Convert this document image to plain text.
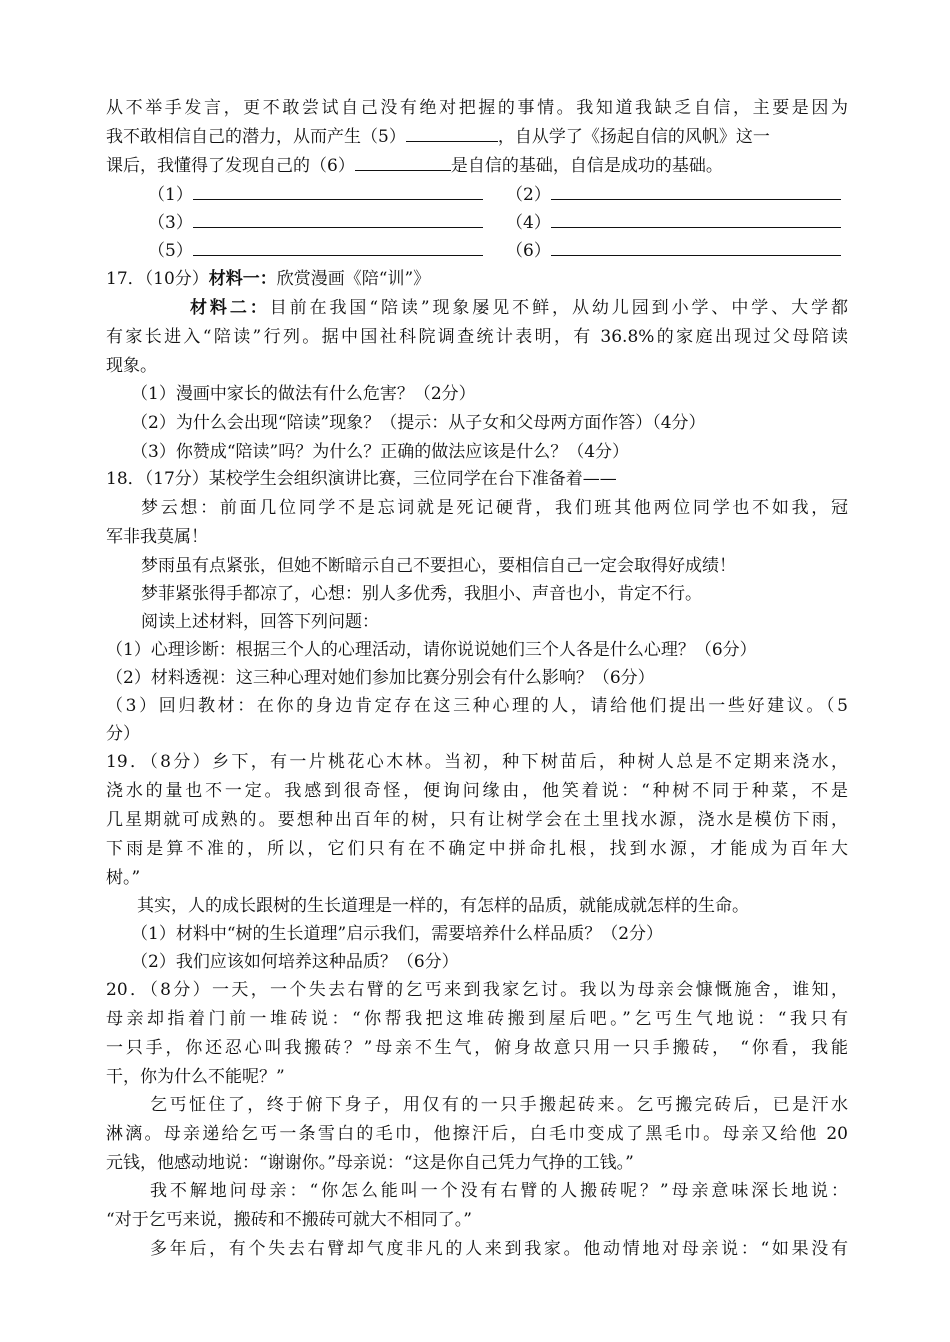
从不举手发言，更不敢尝试自己没有绝对把握的事情。我知道我缺乏自信，主要是因为
我不敢相信自己的潜力，从而产生（5）	，自从学了《扬起自信的风帆》这一
课后，我懂得了发现自己的（6）	是自信的基础，自信是成功的基础。
（1）	（2）
（3）	（4）
（5）	（6）
17．（10分）材料一：欣赏漫画《陪“训”》
材料二：目前在我国“陪读”现象屡见不鲜，从幼儿园到小学、中学、大学都
有家长进入“陪读”行列。据中国社科院调查统计表明，有 36.8%的家庭出现过父母陪读
现象。
（1）漫画中家长的做法有什么危害？（2分）
（2）为什么会出现“陪读”现象？（提示：从子女和父母两方面作答）（4分）
（3）你赞成“陪读”吗？为什么？正确的做法应该是什么？（4分）
18．（17分）某校学生会组织演讲比赛，三位同学在台下准备着——
梦云想：前面几位同学不是忘词就是死记硬背，我们班其他两位同学也不如我，冠
军非我莫属！
梦雨虽有点紧张，但她不断暗示自己不要担心，要相信自己一定会取得好成绩！
梦菲紧张得手都凉了，心想：别人多优秀，我胆小、声音也小，肯定不行。
阅读上述材料，回答下列问题：
（1）心理诊断：根据三个人的心理活动，请你说说她们三个人各是什么心理？（6分）
（2）材料透视：这三种心理对她们参加比赛分别会有什么影响？（6分）
（3）回归教材：在你的身边肯定存在这三种心理的人，请给他们提出一些好建议。（5
分）
19．（8分）乡下，有一片桃花心木林。当初，种下树苗后，种树人总是不定期来浇水，
浇水的量也不一定。我感到很奇怪，便询问缘由，他笑着说：“种树不同于种菜，不是
几星期就可成熟的。要想种出百年的树，只有让树学会在土里找水源，浇水是模仿下雨，
下雨是算不准的，所以，它们只有在不确定中拼命扎根，找到水源，才能成为百年大
树。”
其实，人的成长跟树的生长道理是一样的，有怎样的品质，就能成就怎样的生命。
（1）材料中“树的生长道理”启示我们，需要培养什么样品质？（2分）
（2）我们应该如何培养这种品质？（6分）
20．（8分）一天，一个失去右臂的乞丐来到我家乞讨。我以为母亲会慷慨施舍，谁知，
母亲却指着门前一堆砖说：“你帮我把这堆砖搬到屋后吧。”乞丐生气地说：“我只有
一只手，你还忍心叫我搬砖？”母亲不生气，俯身故意只用一只手搬砖， “你看，我能
干，你为什么不能呢？”
乞丐怔住了，终于俯下身子，用仅有的一只手搬起砖来。乞丐搬完砖后，已是汗水
淋漓。母亲递给乞丐一条雪白的毛巾，他擦汗后，白毛巾变成了黑毛巾。母亲又给他 20
元钱，他感动地说：“谢谢你。”母亲说：“这是你自己凭力气挣的工钱。”
我不解地问母亲：“你怎么能叫一个没有右臂的人搬砖呢？”母亲意味深长地说：
“对于乞丐来说，搬砖和不搬砖可就大不相同了。”
多年后，有个失去右臂却气度非凡的人来到我家。他动情地对母亲说：“如果没有
